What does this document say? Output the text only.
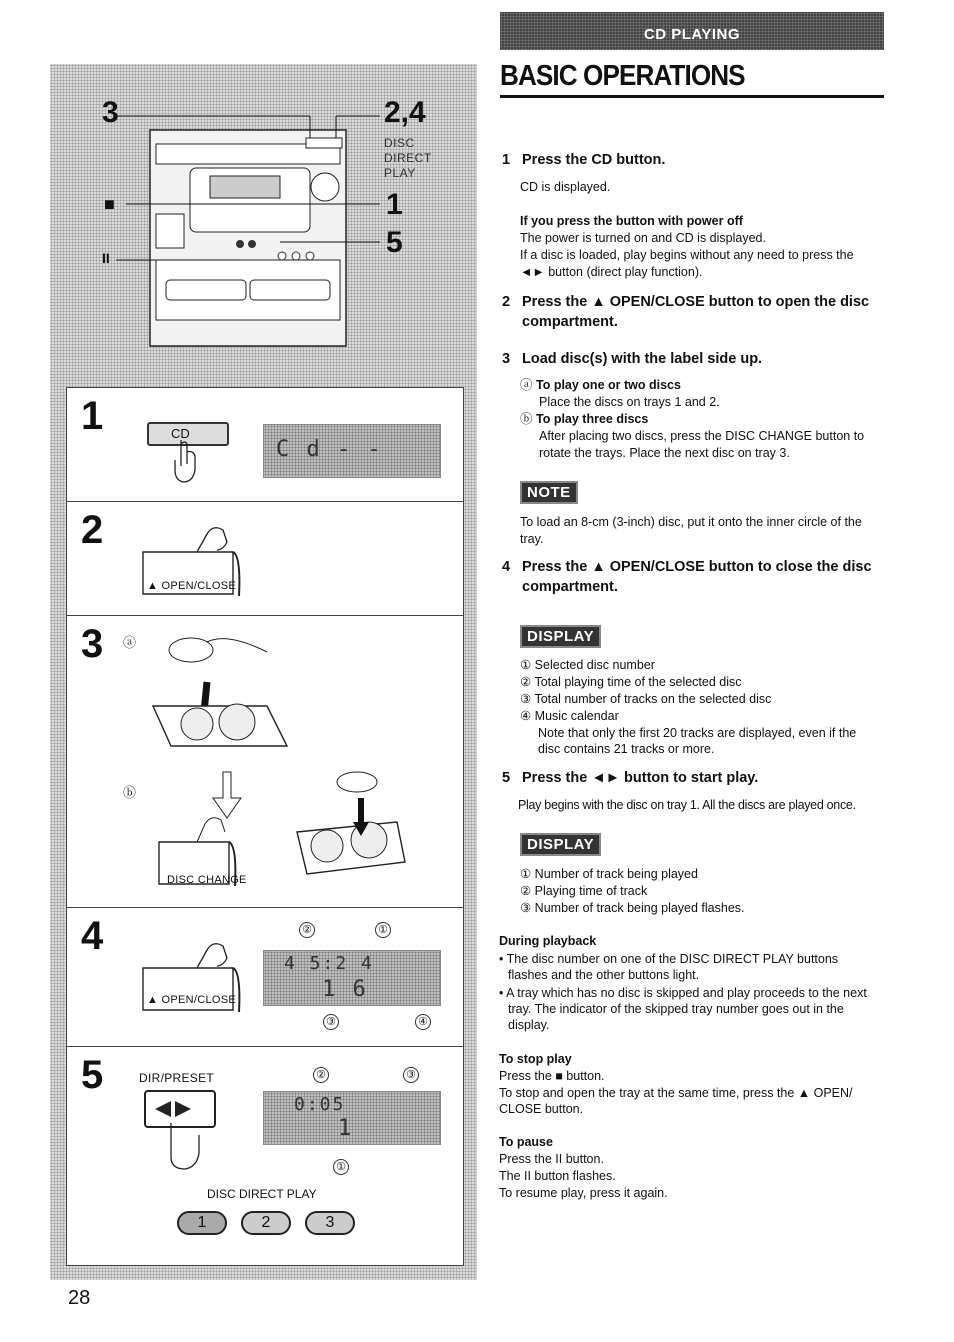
CD PLAYING
BASIC OPERATIONS
1 Press the CD button.
CD is displayed.
If you press the button with power off
The power is turned on and CD is displayed.
If a disc is loaded, play begins without any need to press the
◄► button (direct play function).
2 Press the ▲ OPEN/CLOSE button to open the disc
compartment.
3 Load disc(s) with the label side up.
ⓐ To play one or two discs
Place the discs on trays 1 and 2.
ⓑ To play three discs
After placing two discs, press the DISC CHANGE button to
rotate the trays. Place the next disc on tray 3.
NOTE
To load an 8-cm (3-inch) disc, put it onto the inner circle of the
tray.
4 Press the ▲ OPEN/CLOSE button to close the disc
compartment.
DISPLAY
① Selected disc number
② Total playing time of the selected disc
③ Total number of tracks on the selected disc
④ Music calendar
Note that only the first 20 tracks are displayed, even if the
disc contains 21 tracks or more.
5 Press the ◄► button to start play.
Play begins with the disc on tray 1. All the discs are played once.
DISPLAY
① Number of track being played
② Playing time of track
③ Number of track being played flashes.
During playback
• The disc number on one of the DISC DIRECT PLAY buttons
flashes and the other buttons light.
• A tray which has no disc is skipped and play proceeds to the next
tray. The indicator of the skipped tray number goes out in the
display.
To stop play
Press the ■ button.
To stop and open the tray at the same time, press the ▲ OPEN/
CLOSE button.
To pause
Press the II button.
The II button flashes.
To resume play, press it again.
28
3	2,4
1
5
DISC
DIRECT
PLAY
■
II
1	CD
C d - -
2
▲ OPEN/CLOSE
3 ⓐ
ⓑ
DISC CHANGE
4
▲ OPEN/CLOSE
4 5:2 4
1 6
②	①
③	④
5	DIR/PRESET
0:05
1
②	③
①
DISC DIRECT PLAY
1	2	3
